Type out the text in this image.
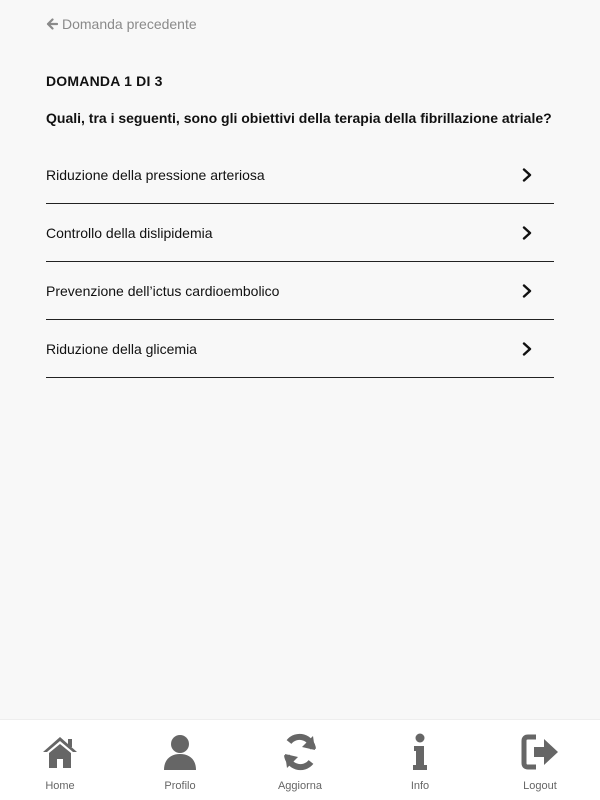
Domanda precedente
DOMANDA 1 DI 3
Quali, tra i seguenti, sono gli obiettivi della terapia della fibrillazione atriale?
Riduzione della pressione arteriosa
Controllo della dislipidemia
Prevenzione dell’ictus cardioembolico
Riduzione della glicemia
Home	Profilo	Aggiorna	Info	Logout
